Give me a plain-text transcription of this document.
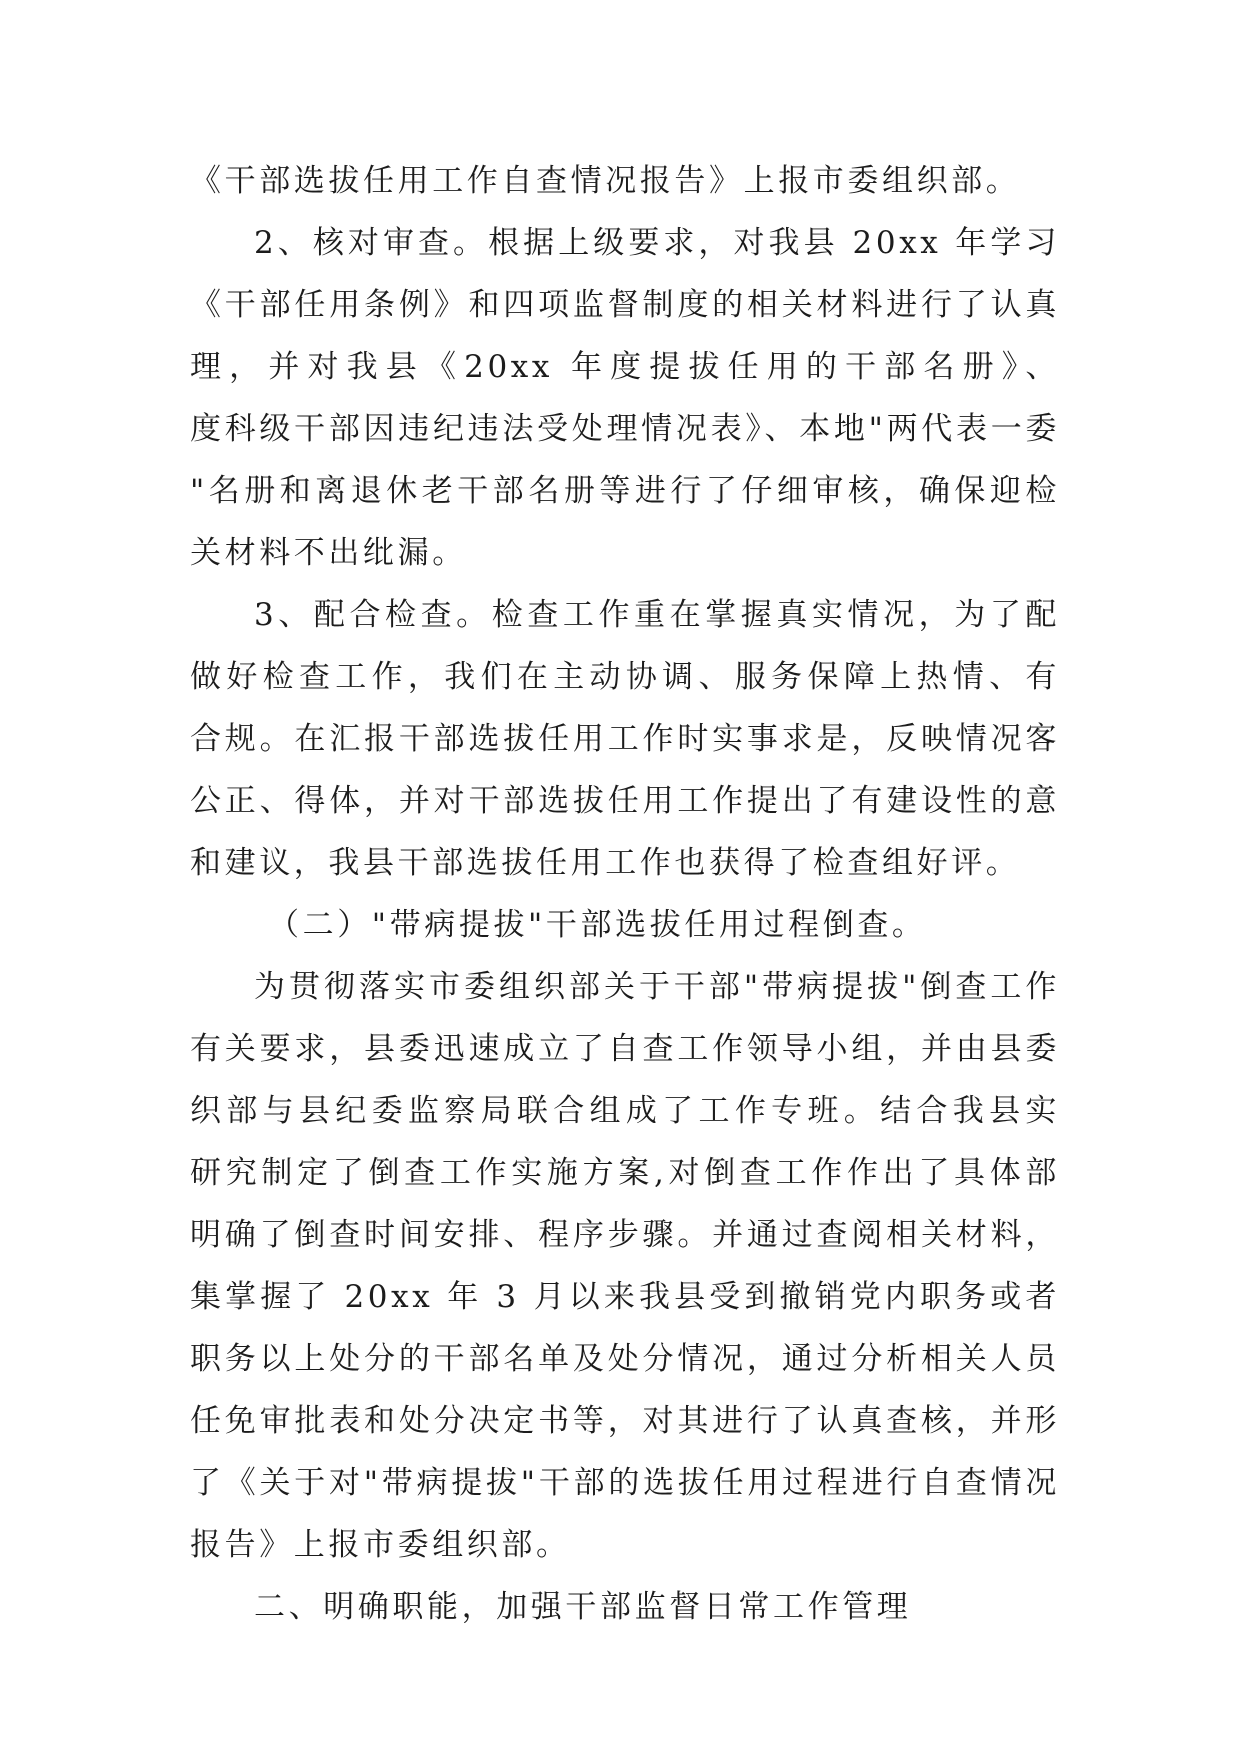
《干部选拔任用工作自查情况报告》上报市委组织部。
2、核对审查。根据上级要求，对我县 20xx 年学习
《干部任用条例》和四项监督制度的相关材料进行了认真
理，并对我县《20xx 年度提拔任用的干部名册》、
度科级干部因违纪违法受处理情况表》、本地"两代表一委
"名册和离退休老干部名册等进行了仔细审核，确保迎检
关材料不出纰漏。
3、配合检查。检查工作重在掌握真实情况，为了配
做好检查工作，我们在主动协调、服务保障上热情、有
合规。在汇报干部选拔任用工作时实事求是，反映情况客
公正、得体，并对干部选拔任用工作提出了有建设性的意
和建议，我县干部选拔任用工作也获得了检查组好评。
（二）"带病提拔"干部选拔任用过程倒查。
为贯彻落实市委组织部关于干部"带病提拔"倒查工作
有关要求，县委迅速成立了自查工作领导小组，并由县委
织部与县纪委监察局联合组成了工作专班。结合我县实
研究制定了倒查工作实施方案,对倒查工作作出了具体部
明确了倒查时间安排、程序步骤。并通过查阅相关材料，
集掌握了 20xx 年 3 月以来我县受到撤销党内职务或者
职务以上处分的干部名单及处分情况，通过分析相关人员
任免审批表和处分决定书等，对其进行了认真查核，并形
了《关于对"带病提拔"干部的选拔任用过程进行自查情况
报告》上报市委组织部。
二、明确职能，加强干部监督日常工作管理
